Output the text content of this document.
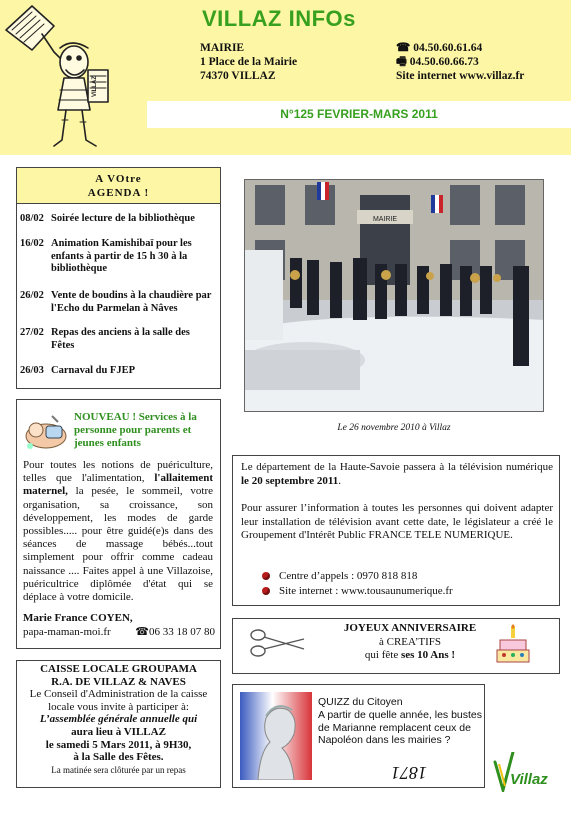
VILLAZ
VILLAZ INFOs
MAIRIE
1 Place de la Mairie
74370 VILLAZ
☎ 04.50.60.61.64
🖷 04.50.60.66.73
Site internet www.villaz.fr
N°125 FEVRIER-MARS 2011
A VOtre
AGENDA !
08/02 Soirée lecture de la bibliothèque
16/02 Animation Kamishibaï pour les enfants à partir de 15 h 30 à la bibliothèque
26/02 Vente de boudins à la chaudière par l'Echo du Parmelan à Nâves
27/02 Repas des anciens à la salle des Fêtes
26/03 Carnaval du FJEP
MAIRIE
Le 26 novembre 2010 à Villaz
NOUVEAU ! Services à la personne pour parents et jeunes enfants
Pour toutes les notions de puériculture, telles que l'alimentation, l'allaitement maternel, la pesée, le sommeil, votre organisation, sa croissance, son développement, les modes de garde possibles..... pour être guidé(e)s dans des séances de massage bébés...tout simplement pour offrir comme cadeau naissance .... Faites appel à une Villazoise, puéricultrice diplômée d'état qui se déplace à votre domicile.
Marie France COYEN,
papa-maman-moi.fr ☎06 33 18 07 80
Le département de la Haute-Savoie passera à la télévision numérique le 20 septembre 2011.
Pour assurer l’information à toutes les personnes qui doivent adapter leur installation de télévision avant cette date, le législateur a créé le Groupement d'Intérêt Public FRANCE TELE NUMERIQUE.
Centre d’appels : 0970 818 818
Site internet : www.tousaunumerique.fr
JOYEUX ANNIVERSAIRE
à CREA’TIFS
qui fête ses 10 Ans !
CAISSE LOCALE GROUPAMA
R.A. DE VILLAZ & NAVES
Le Conseil d'Administration de la caisse locale vous invite à participer à:
L’assemblée générale annuelle qui
aura lieu à VILLAZ
le samedi 5 Mars 2011, à 9H30,
à la Salle des Fêtes.
La matinée sera clôturée par un repas
QUIZZ du Citoyen
A partir de quelle année, les bustes de Marianne remplacent ceux de Napoléon dans les mairies ?
1871	Villaz
